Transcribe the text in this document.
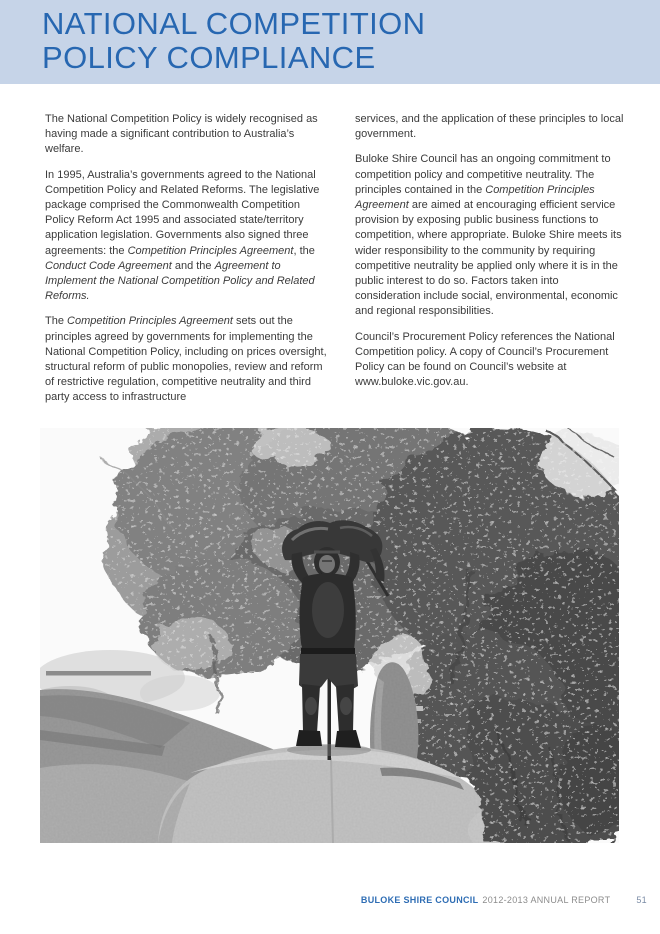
NATIONAL COMPETITION
POLICY COMPLIANCE

The National Competition Policy is widely recognised as having made a significant contribution to Australia’s welfare.

In 1995, Australia’s governments agreed to the National Competition Policy and Related Reforms. The legislative package comprised the Commonwealth Competition Policy Reform Act 1995 and associated state/territory application legislation. Governments also signed three agreements: the Competition Principles Agreement, the Conduct Code Agreement and the Agreement to Implement the National Competition Policy and Related Reforms.

The Competition Principles Agreement sets out the principles agreed by governments for implementing the National Competition Policy, including on prices oversight, structural reform of public monopolies, review and reform of restrictive regulation, competitive neutrality and third party access to infrastructure

services, and the application of these principles to local government.

Buloke Shire Council has an ongoing commitment to competition policy and competitive neutrality. The principles contained in the Competition Principles Agreement are aimed at encouraging efficient service provision by exposing public business functions to competition, where appropriate. Buloke Shire meets its wider responsibility to the community by requiring competitive neutrality be applied only where it is in the public interest to do so. Factors taken into consideration include social, environmental, economic and regional responsibilities.

Council’s Procurement Policy references the National Competition policy. A copy of Council’s Procurement Policy can be found on Council’s website at www.buloke.vic.gov.au.

BULOKE SHIRE COUNCIL 2012-2013 ANNUAL REPORT	51
